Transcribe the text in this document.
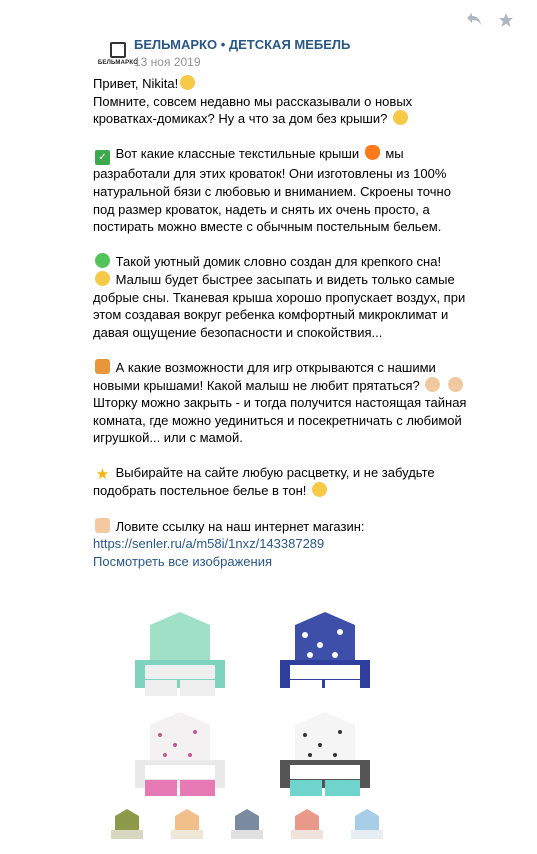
БЕЛЬМАРКО
БЕЛЬМАРКО • ДЕТСКАЯ МЕБЕЛЬ
13 ноя 2019

Привет, Nikita!

Помните, совсем недавно мы рассказывали о новых кроватках-домиках? Ну а что за дом без крыши?

✓ Вот какие классные текстильные крыши мы разработали для этих кроваток! Они изготовлены из 100% натуральной бязи с любовью и вниманием. Скроены точно под размер кроваток, надеть и снять их очень просто, а постирать можно вместе с обычным постельным бельем.

Такой уютный домик словно создан для крепкого сна!

Малыш будет быстрее засыпать и видеть только самые добрые сны. Тканевая крыша хорошо пропускает воздух, при этом создавая вокруг ребенка комфортный микроклимат и давая ощущение безопасности и спокойствия...

А какие возможности для игр открываются с нашими новыми крышами! Какой малыш не любит прятаться?

Шторку можно закрыть - и тогда получится настоящая тайная комната, где можно уединиться и посекретничать с любимой игрушкой... или с мамой.

★ Выбирайте на сайте любую расцветку, и не забудьте подобрать постельное белье в тон!

Ловите ссылку на наш интернет магазин:

https://senler.ru/a/m58i/1nxz/143387289

Посмотреть все изображения
